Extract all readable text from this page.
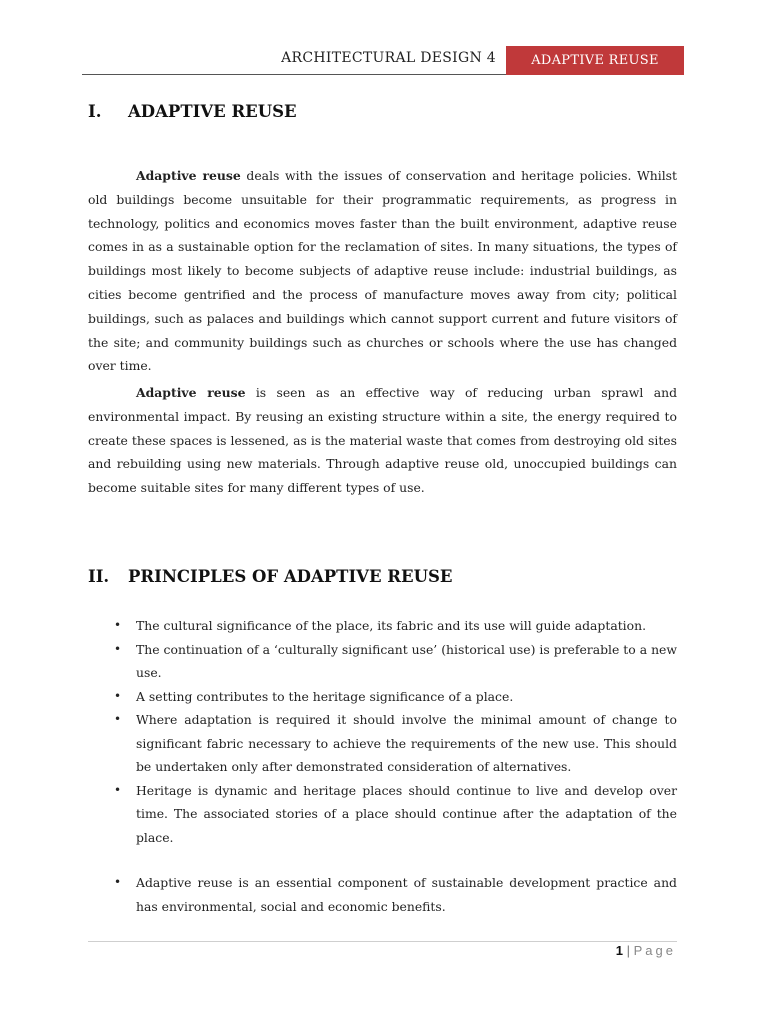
ARCHITECTURAL DESIGN 4	ADAPTIVE REUSE
I. ADAPTIVE REUSE

Adaptive reuse deals with the issues of conservation and heritage policies. Whilst old buildings become unsuitable for their programmatic requirements, as progress in technology, politics and economics moves faster than the built environment, adaptive reuse comes in as a sustainable option for the reclamation of sites. In many situations, the types of buildings most likely to become subjects of adaptive reuse include: industrial buildings, as cities become gentrified and the process of manufacture moves away from city; political buildings, such as palaces and buildings which cannot support current and future visitors of the site; and community buildings such as churches or schools where the use has changed over time.

Adaptive reuse is seen as an effective way of reducing urban sprawl and environmental impact. By reusing an existing structure within a site, the energy required to create these spaces is lessened, as is the material waste that comes from destroying old sites and rebuilding using new materials. Through adaptive reuse old, unoccupied buildings can become suitable sites for many different types of use.

II. PRINCIPLES OF ADAPTIVE REUSE
• The cultural significance of the place, its fabric and its use will guide adaptation.
• The continuation of a ‘culturally significant use’ (historical use) is preferable to a new use.
• A setting contributes to the heritage significance of a place.
• Where adaptation is required it should involve the minimal amount of change to significant fabric necessary to achieve the requirements of the new use. This should be undertaken only after demonstrated consideration of alternatives.
• Heritage is dynamic and heritage places should continue to live and develop over time. The associated stories of a place should continue after the adaptation of the place.
• Adaptive reuse is an essential component of sustainable development practice and has environmental, social and economic benefits.
1 | Page
